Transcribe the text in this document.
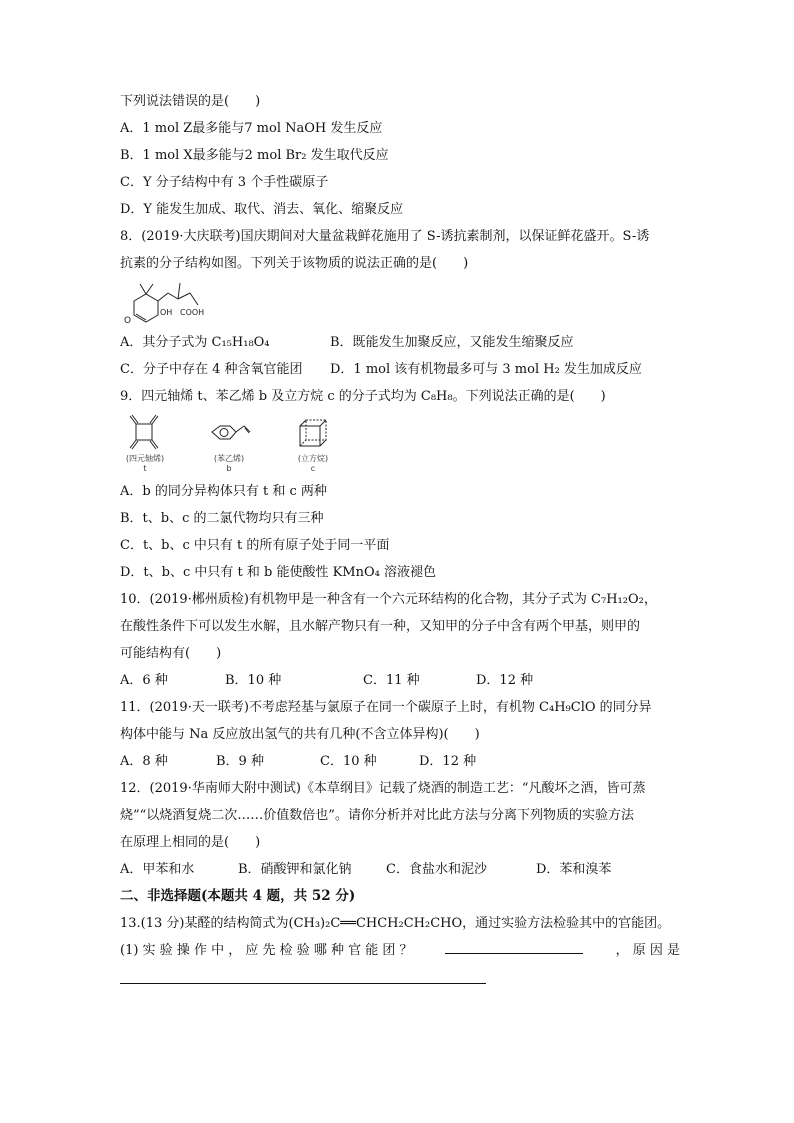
下列说法错误的是(　　)
A．1 mol Z最多能与7 mol NaOH 发生反应
B．1 mol X最多能与2 mol Br₂ 发生取代反应
C．Y 分子结构中有 3 个手性碳原子
D．Y 能发生加成、取代、消去、氧化、缩聚反应
8．(2019·大庆联考)国庆期间对大量盆栽鲜花施用了 S-诱抗素制剂，以保证鲜花盛开。S-诱
抗素的分子结构如图。下列关于该物质的说法正确的是(　　)
O
OH COOH
A．其分子式为 C₁₅H₁₈O₄	B．既能发生加聚反应，又能发生缩聚反应
C．分子中存在 4 种含氧官能团	D．1 mol 该有机物最多可与 3 mol H₂ 发生加成反应
9．四元轴烯 t、苯乙烯 b 及立方烷 c 的分子式均为 C₈H₈。下列说法正确的是(　　)
(四元轴烯)
t
(苯乙烯)
b
(立方烷)
c
A．b 的同分异构体只有 t 和 c 两种
B．t、b、c 的二氯代物均只有三种
C．t、b、c 中只有 t 的所有原子处于同一平面
D．t、b、c 中只有 t 和 b 能使酸性 KMnO₄ 溶液褪色
10．(2019·郴州质检)有机物甲是一种含有一个六元环结构的化合物，其分子式为 C₇H₁₂O₂，
在酸性条件下可以发生水解，且水解产物只有一种，又知甲的分子中含有两个甲基，则甲的
可能结构有(　　)
A．6 种	B．10 种	C．11 种	D．12 种
11．(2019·天一联考)不考虑羟基与氯原子在同一个碳原子上时，有机物 C₄H₉ClO 的同分异
构体中能与 Na 反应放出氢气的共有几种(不含立体异构)(　　)
A．8 种	B．9 种	C．10 种	D．12 种
12．(2019·华南师大附中测试)《本草纲目》记载了烧酒的制造工艺：“凡酸坏之酒，皆可蒸
烧”“以烧酒复烧二次……价值数倍也”。请你分析并对比此方法与分离下列物质的实验方法
在原理上相同的是(　　)
A．甲苯和水	B．硝酸钾和氯化钠	C．食盐水和泥沙	D．苯和溴苯
二、非选择题(本题共 4 题，共 52 分)
13.(13 分)某醛的结构简式为(CH₃)₂C══CHCH₂CH₂CHO，通过实验方法检验其中的官能团。
(1) 实 验 操 作 中 ， 应 先 检 验 哪 种 官 能 团 ？	， 原 因 是
